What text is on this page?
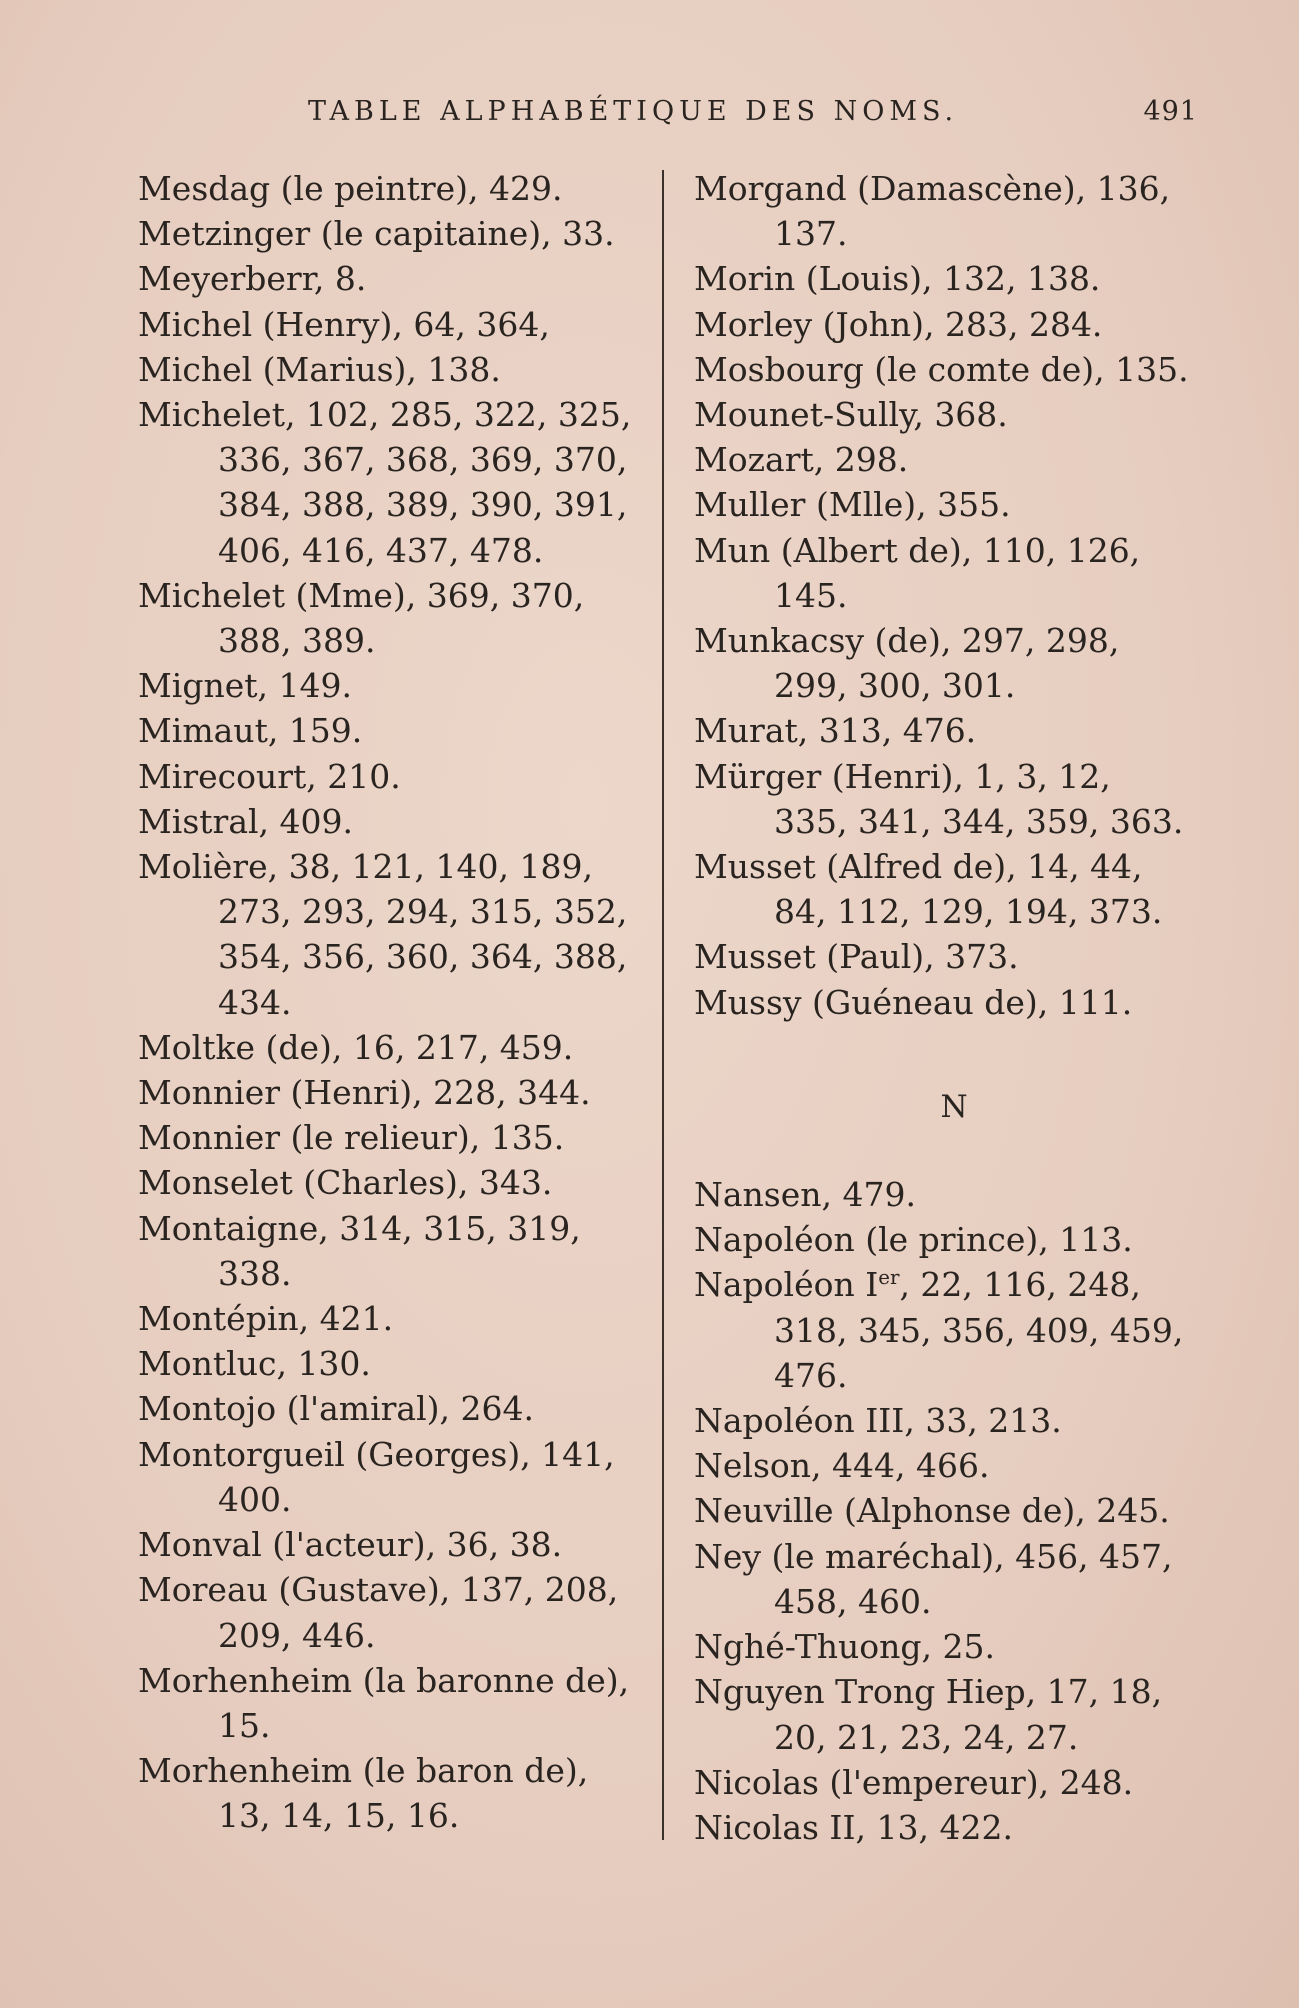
TABLE ALPHABÉTIQUE DES NOMS.	491
Mesdag (le peintre), 429.
Metzinger (le capitaine), 33.
Meyerberr, 8.
Michel (Henry), 64, 364,
Michel (Marius), 138.
Michelet, 102, 285, 322, 325,
336, 367, 368, 369, 370,
384, 388, 389, 390, 391,
406, 416, 437, 478.
Michelet (Mme), 369, 370,
388, 389.
Mignet, 149.
Mimaut, 159.
Mirecourt, 210.
Mistral, 409.
Molière, 38, 121, 140, 189,
273, 293, 294, 315, 352,
354, 356, 360, 364, 388,
434.
Moltke (de), 16, 217, 459.
Monnier (Henri), 228, 344.
Monnier (le relieur), 135.
Monselet (Charles), 343.
Montaigne, 314, 315, 319,
338.
Montépin, 421.
Montluc, 130.
Montojo (l'amiral), 264.
Montorgueil (Georges), 141,
400.
Monval (l'acteur), 36, 38.
Moreau (Gustave), 137, 208,
209, 446.
Morhenheim (la baronne de),
15.
Morhenheim (le baron de),
13, 14, 15, 16.
Morgand (Damascène), 136,
137.
Morin (Louis), 132, 138.
Morley (John), 283, 284.
Mosbourg (le comte de), 135.
Mounet-Sully, 368.
Mozart, 298.
Muller (Mlle), 355.
Mun (Albert de), 110, 126,
145.
Munkacsy (de), 297, 298,
299, 300, 301.
Murat, 313, 476.
Mürger (Henri), 1, 3, 12,
335, 341, 344, 359, 363.
Musset (Alfred de), 14, 44,
84, 112, 129, 194, 373.
Musset (Paul), 373.
Mussy (Guéneau de), 111.
N
Nansen, 479.
Napoléon (le prince), 113.
Napoléon Ier, 22, 116, 248,
318, 345, 356, 409, 459,
476.
Napoléon III, 33, 213.
Nelson, 444, 466.
Neuville (Alphonse de), 245.
Ney (le maréchal), 456, 457,
458, 460.
Nghé-Thuong, 25.
Nguyen Trong Hiep, 17, 18,
20, 21, 23, 24, 27.
Nicolas (l'empereur), 248.
Nicolas II, 13, 422.
